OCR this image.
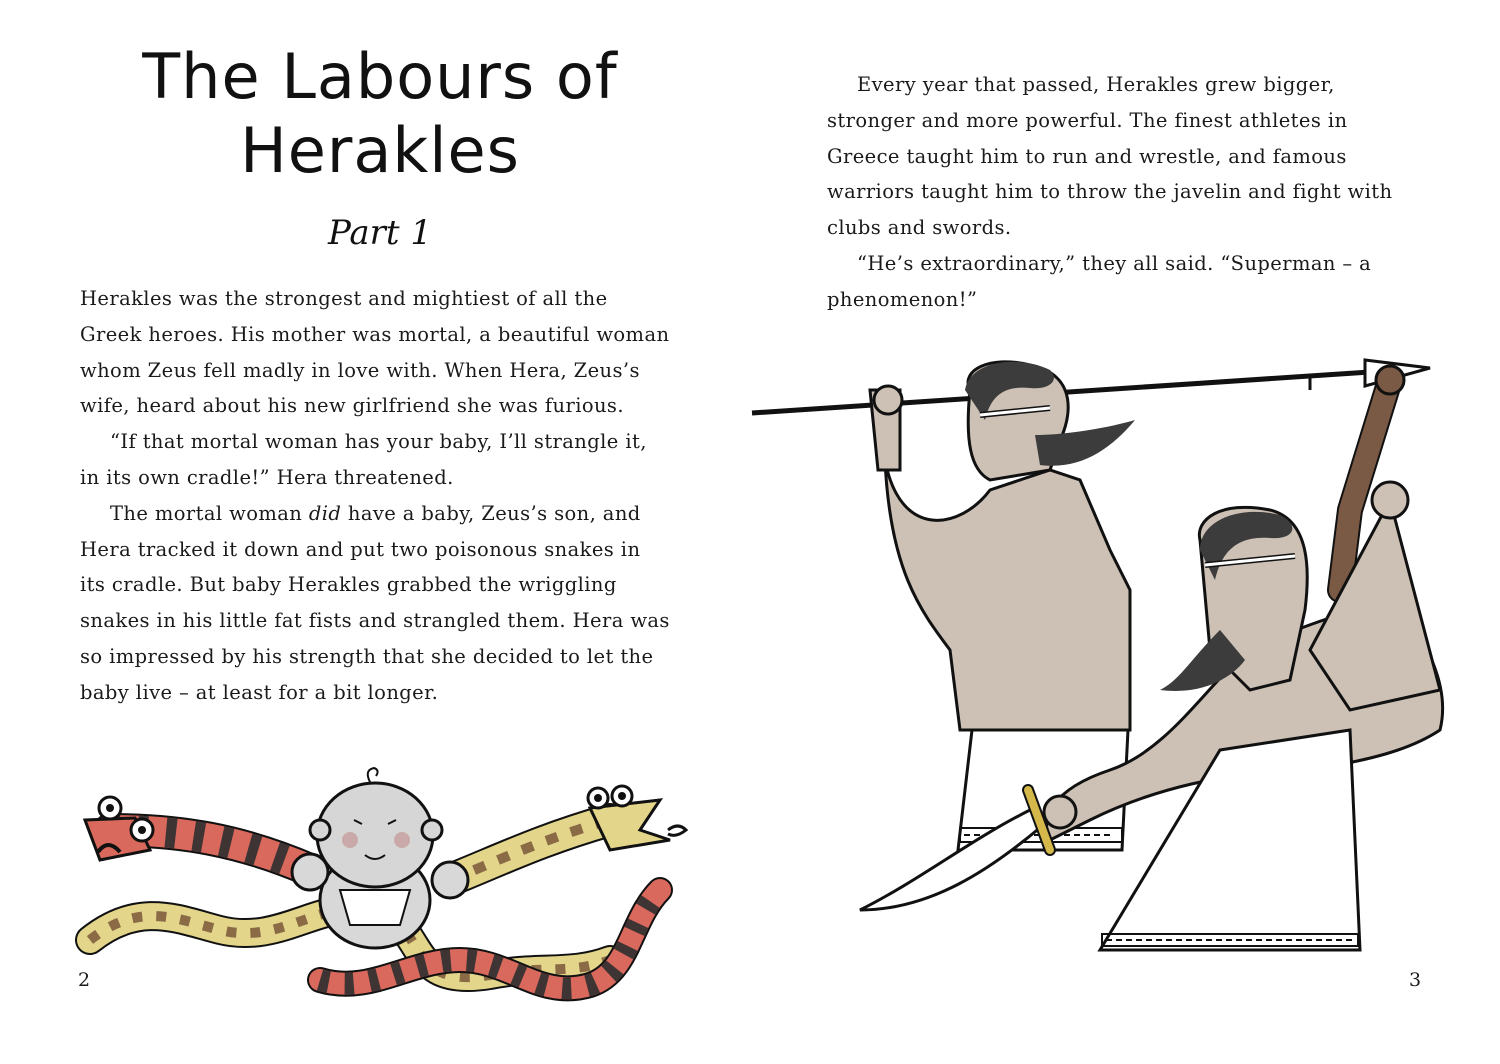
The Labours of Herakles
Part 1

Herakles was the strongest and mightiest of all the Greek heroes. His mother was mortal, a beautiful woman whom Zeus fell madly in love with. When Hera, Zeus’s wife, heard about his new girlfriend she was furious.

“If that mortal woman has your baby, I’ll strangle it, in its own cradle!” Hera threatened.

The mortal woman did have a baby, Zeus’s son, and Hera tracked it down and put two poisonous snakes in its cradle. But baby Herakles grabbed the wriggling snakes in his little fat fists and strangled them. Hera was so impressed by his strength that she decided to let the baby live – at least for a bit longer.

2

Every year that passed, Herakles grew bigger, stronger and more powerful. The finest athletes in Greece taught him to run and wrestle, and famous warriors taught him to throw the javelin and fight with clubs and swords.

“He’s extraordinary,” they all said. “Superman – a phenomenon!”

3
